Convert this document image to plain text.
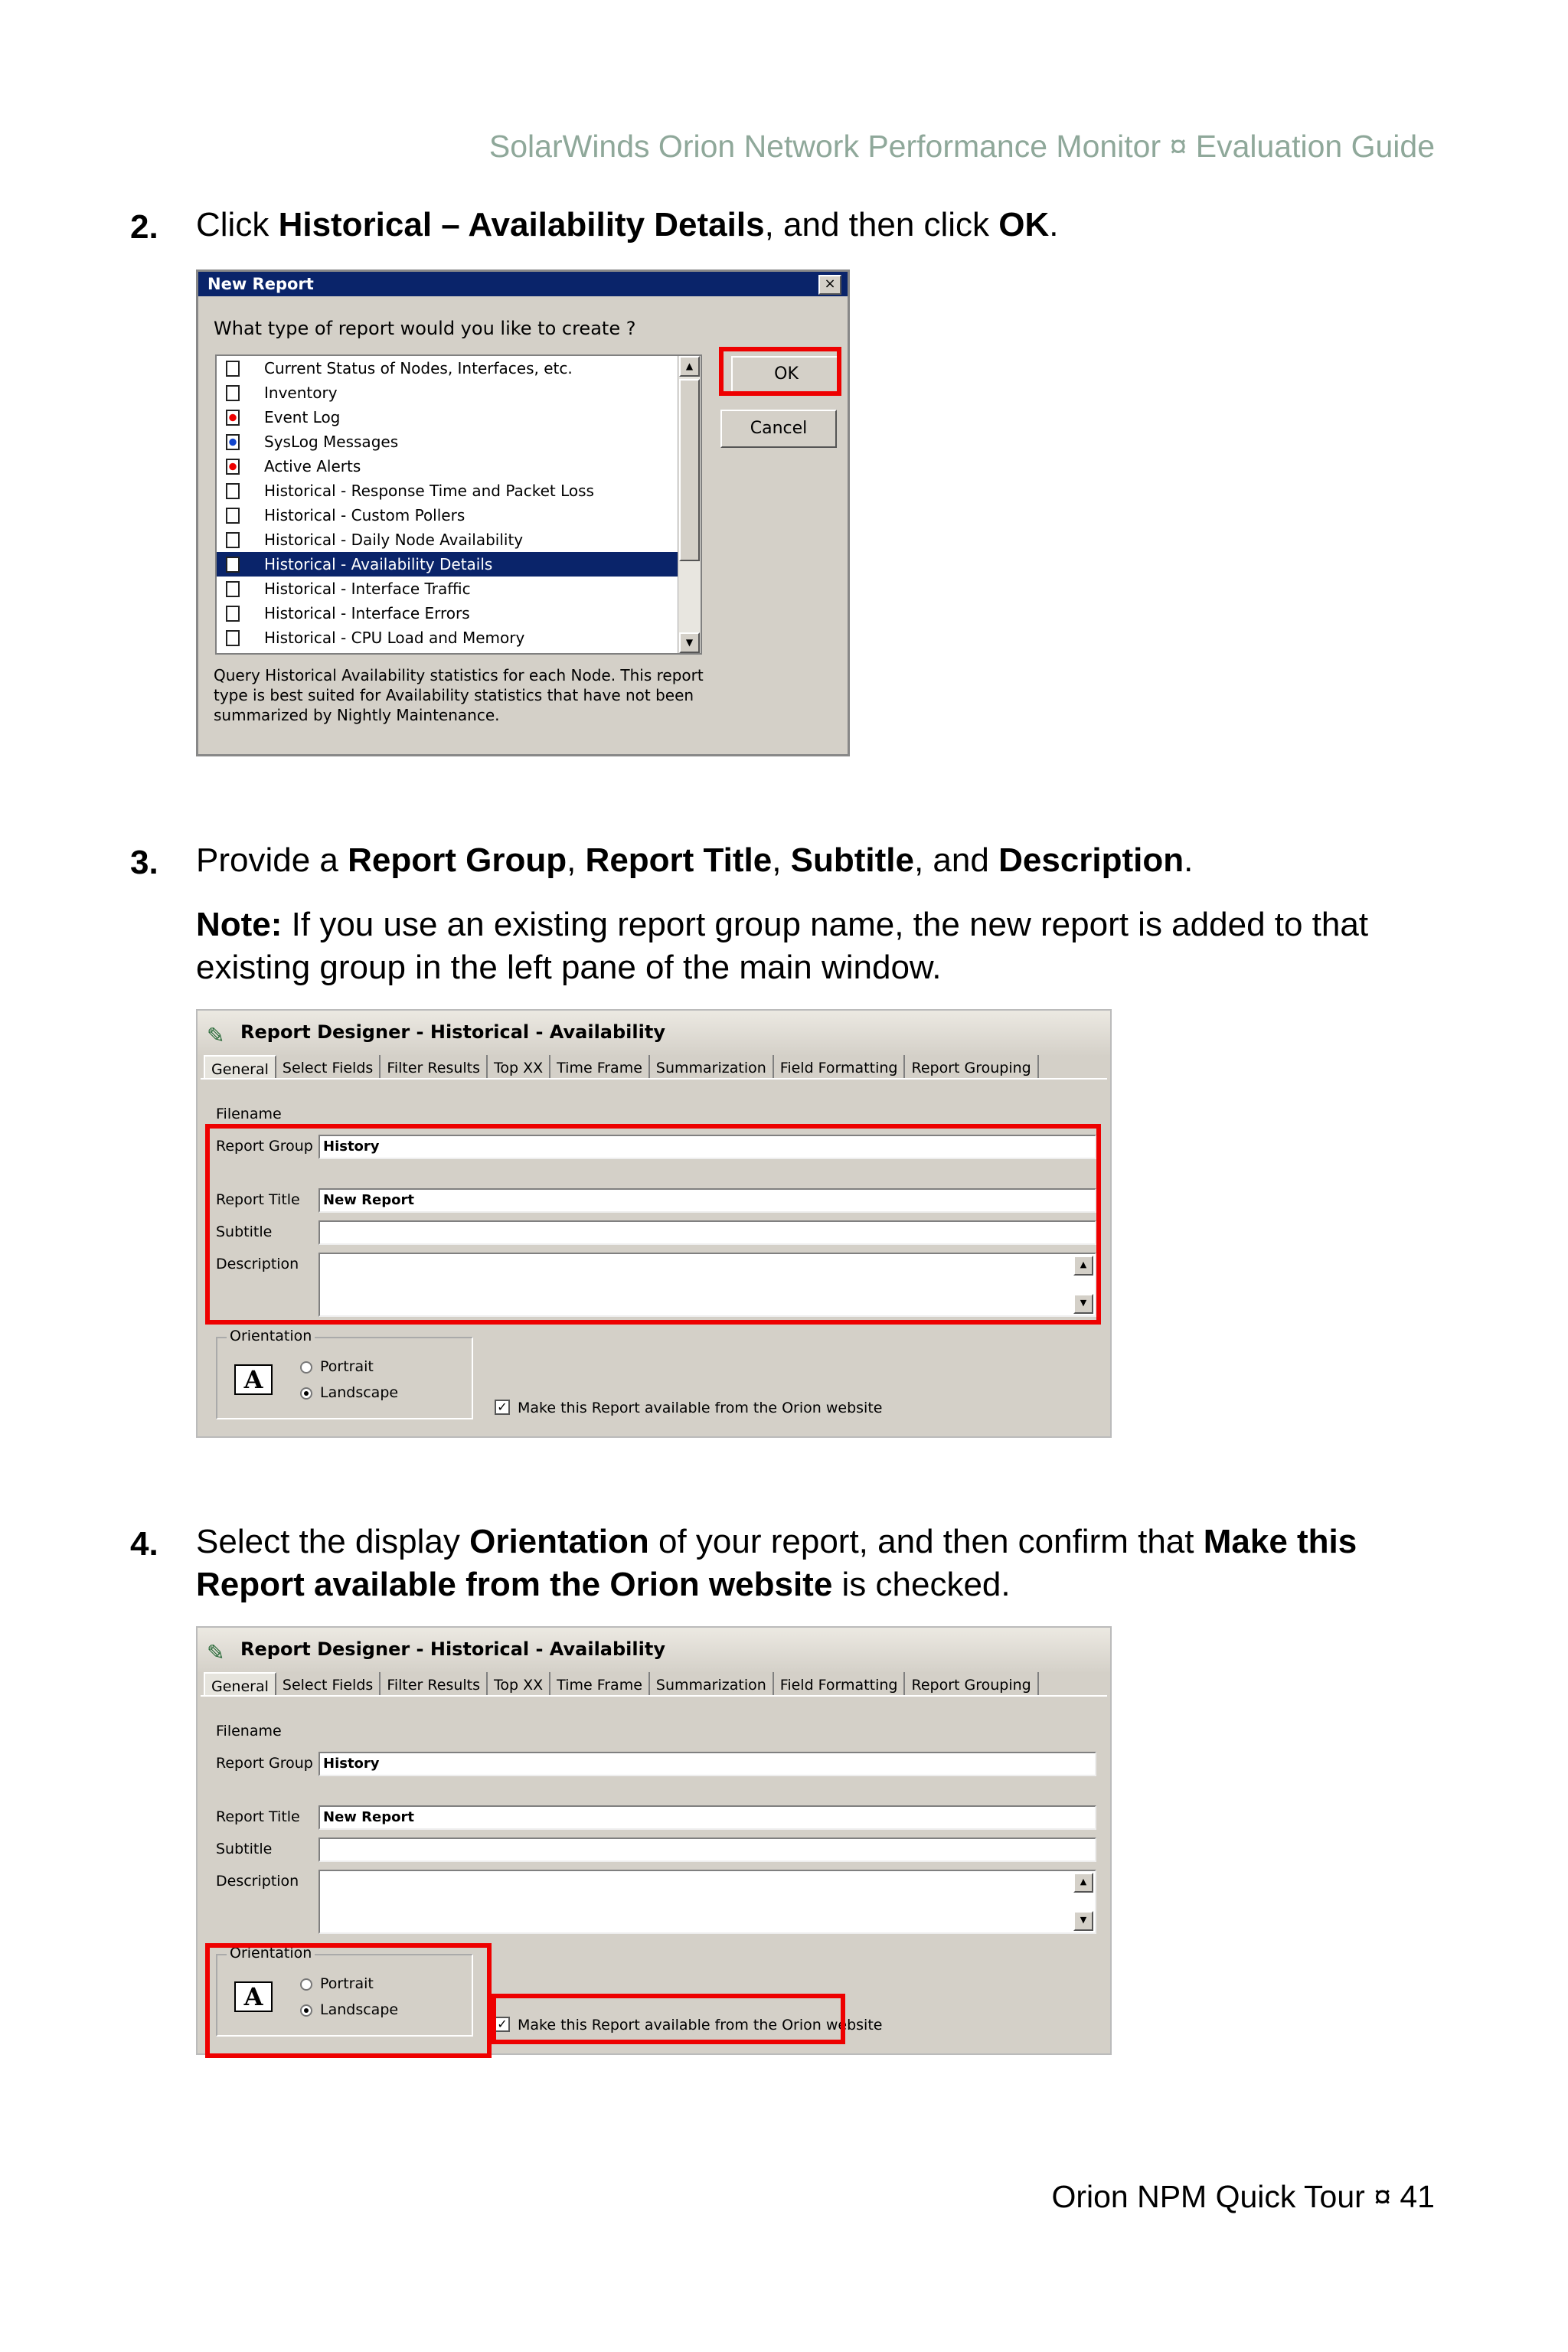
SolarWinds Orion Network Performance Monitor ¤ Evaluation Guide
2. Click Historical – Availability Details, and then click OK.
New Report	×
What type of report would you like to create ?
Current Status of Nodes, Interfaces, etc.
Inventory
Event Log
SysLog Messages
Active Alerts
Historical - Response Time and Packet Loss
Historical - Custom Pollers
Historical - Daily Node Availability
Historical - Availability Details
Historical - Interface Traffic
Historical - Interface Errors
Historical - CPU Load and Memory
▲
▼
OK
Cancel
Query Historical Availability statistics for each Node. This report type is best suited for Availability statistics that have not been summarized by Nightly Maintenance.
3. Provide a Report Group, Report Title, Subtitle, and Description.
Note: If you use an existing report group name, the new report is added to that existing group in the left pane of the main window.
Report Designer - Historical - Availability
✎
General Select Fields Filter Results Top XX Time Frame Summarization Field Formatting Report Grouping
Filename
Report Group History
Report Title	New Report
Subtitle
Description	▲
▼
Orientation
A	Portrait
Landscape
✓ Make this Report available from the Orion website
4. Select the display Orientation of your report, and then confirm that Make this Report available from the Orion website is checked.
Report Designer - Historical - Availability
✎
General Select Fields Filter Results Top XX Time Frame Summarization Field Formatting Report Grouping
Filename
Report Group History
Report Title	New Report
Subtitle
Description	▲
▼
Orientation
A	Portrait
Landscape
✓ Make this Report available from the Orion website
Orion NPM Quick Tour ¤ 41
